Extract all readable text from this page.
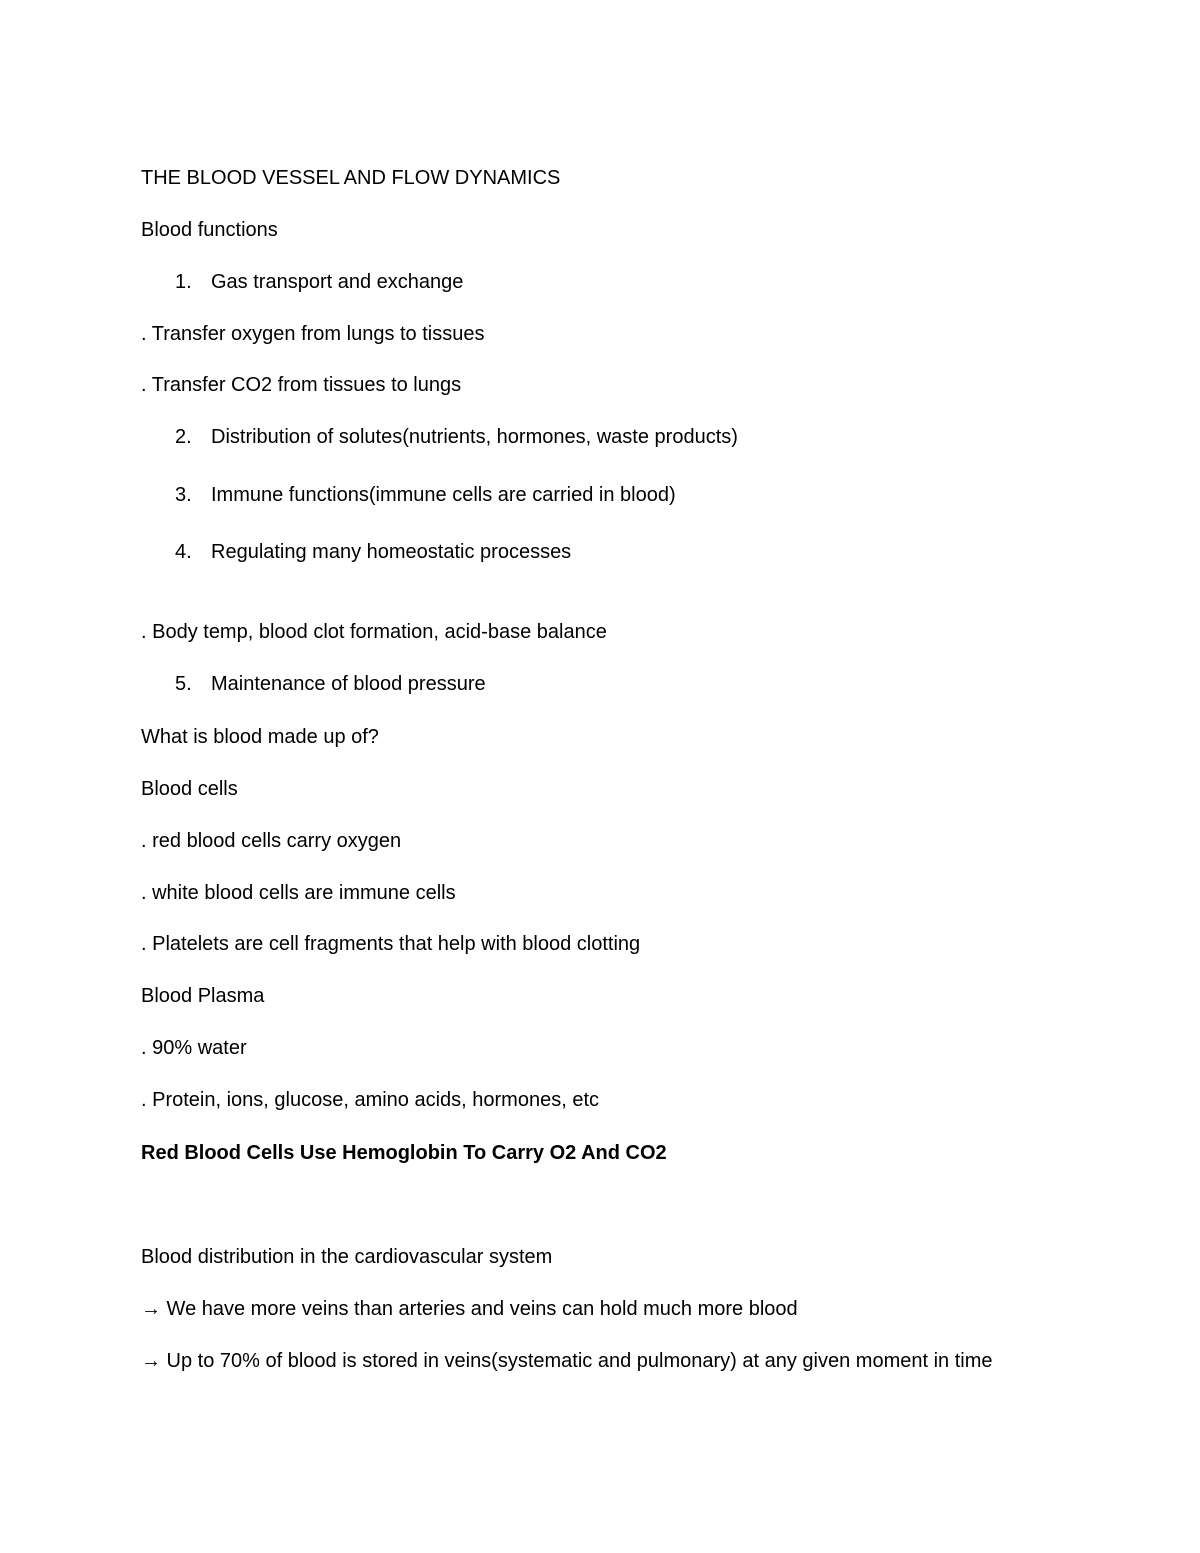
THE BLOOD VESSEL AND FLOW DYNAMICS
Blood functions
1. Gas transport and exchange
. Transfer oxygen from lungs to tissues
. Transfer CO2 from tissues to lungs
2. Distribution of solutes(nutrients, hormones, waste products)
3. Immune functions(immune cells are carried in blood)
4. Regulating many homeostatic processes
. Body temp, blood clot formation, acid-base balance
5. Maintenance of blood pressure
What is blood made up of?
Blood cells
. red blood cells carry oxygen
. white blood cells are immune cells
. Platelets are cell fragments that help with blood clotting
Blood Plasma
. 90% water
. Protein, ions, glucose, amino acids, hormones, etc
Red Blood Cells Use Hemoglobin To Carry O2 And CO2
Blood distribution in the cardiovascular system
→ We have more veins than arteries and veins can hold much more blood
→ Up to 70% of blood is stored in veins(systematic and pulmonary) at any given moment in time
